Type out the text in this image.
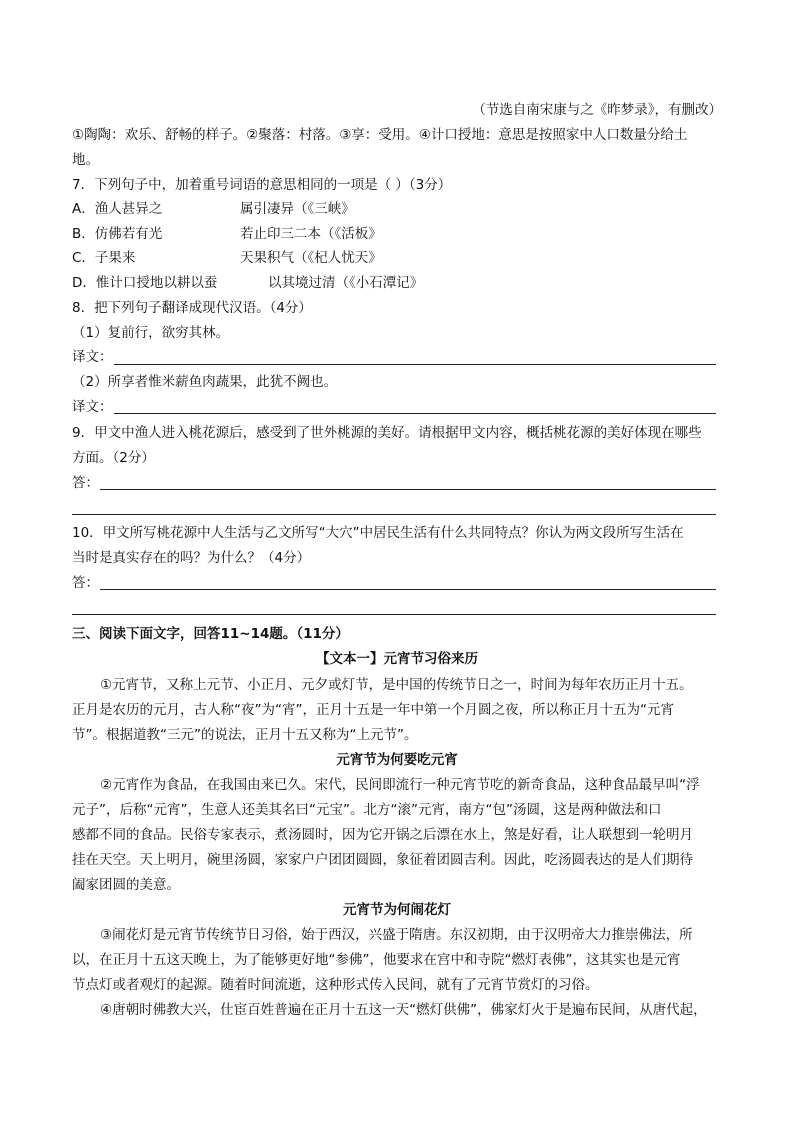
（节选自南宋康与之《昨梦录》，有删改）
①陶陶：欢乐、舒畅的样子。②聚落：村落。③享：受用。④计口授地：意思是按照家中人口数量分给土
地。
7．下列句子中，加着重号词语的意思相同的一项是（ ）（3分）
A．渔人甚异之	属引凄异（《三峡》
B．仿佛若有光	若止印三二本（《活板》
C．子果来	天果积气（《杞人忧天》
D．惟计口授地以耕以蚕	以其境过清（《小石潭记》
8．把下列句子翻译成现代汉语。（4分）
（1）复前行，欲穷其林。
译文：
（2）所享者惟米薪鱼肉蔬果，此犹不阙也。
译文：
9．甲文中渔人进入桃花源后，感受到了世外桃源的美好。请根据甲文内容，概括桃花源的美好体现在哪些
方面。（2分）
答：
10．甲文所写桃花源中人生活与乙文所写“大穴”中居民生活有什么共同特点？你认为两文段所写生活在
当时是真实存在的吗？为什么？（4分）
答：
三、阅读下面文字，回答11~14题。（11分）
【文本一】元宵节习俗来历
①元宵节，又称上元节、小正月、元夕或灯节，是中国的传统节日之一，时间为每年农历正月十五。
正月是农历的元月，古人称“夜”为“宵”，正月十五是一年中第一个月圆之夜，所以称正月十五为“元宵
节”。根据道教“三元”的说法，正月十五又称为“上元节”。
元宵节为何要吃元宵
②元宵作为食品，在我国由来已久。宋代，民间即流行一种元宵节吃的新奇食品，这种食品最早叫“浮
元子”，后称“元宵”，生意人还美其名曰“元宝”。北方“滚”元宵，南方“包”汤圆，这是两种做法和口
感都不同的食品。民俗专家表示，煮汤圆时，因为它开锅之后漂在水上，煞是好看，让人联想到一轮明月
挂在天空。天上明月，碗里汤圆，家家户户团团圆圆，象征着团圆吉利。因此，吃汤圆表达的是人们期待
阖家团圆的美意。
元宵节为何闹花灯
③闹花灯是元宵节传统节日习俗，始于西汉，兴盛于隋唐。东汉初期，由于汉明帝大力推崇佛法，所
以，在正月十五这天晚上，为了能够更好地“参佛”，他要求在宫中和寺院“燃灯表佛”，这其实也是元宵
节点灯或者观灯的起源。随着时间流逝，这种形式传入民间，就有了元宵节赏灯的习俗。
④唐朝时佛教大兴，仕宦百姓普遍在正月十五这一天“燃灯供佛”，佛家灯火于是遍布民间，从唐代起，
